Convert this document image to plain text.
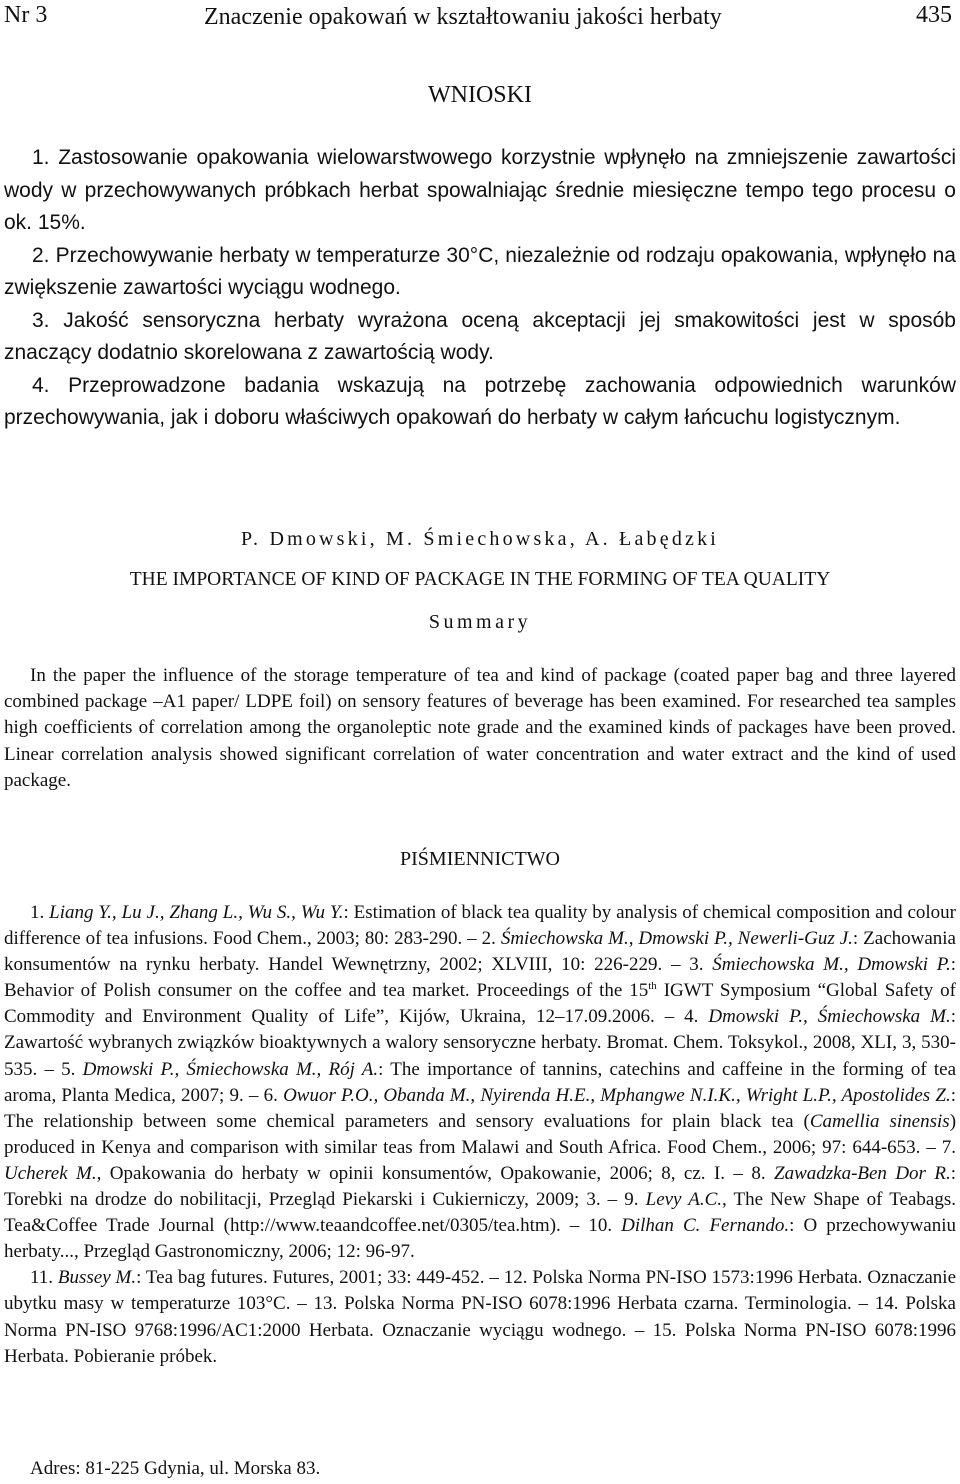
Nr 3	Znaczenie opakowań w kształtowaniu jakości herbaty	435
WNIOSKI

1. Zastosowanie opakowania wielowarstwowego korzystnie wpłynęło na zmniejszenie zawartości wody w przechowywanych próbkach herbat spowalniając średnie miesięczne tempo tego procesu o ok. 15%.

2. Przechowywanie herbaty w temperaturze 30°C, niezależnie od rodzaju opakowania, wpłynęło na zwiększenie zawartości wyciągu wodnego.

3. Jakość sensoryczna herbaty wyrażona oceną akceptacji jej smakowitości jest w sposób znaczący dodatnio skorelowana z zawartością wody.

4. Przeprowadzone badania wskazują na potrzebę zachowania odpowiednich warunków przechowywania, jak i doboru właściwych opakowań do herbaty w całym łańcuchu logistycznym.

P. Dmowski, M. Śmiechowska, A. Łabędzki
THE IMPORTANCE OF KIND OF PACKAGE IN THE FORMING OF TEA QUALITY
Summary

In the paper the influence of the storage temperature of tea and kind of package (coated paper bag and three layered combined package –A1 paper/ LDPE foil) on sensory features of beverage has been examined. For researched tea samples high coefficients of correlation among the organoleptic note grade and the examined kinds of packages have been proved. Linear correlation analysis showed significant correlation of water concentration and water extract and the kind of used package.

PIŚMIENNICTWO

1. Liang Y., Lu J., Zhang L., Wu S., Wu Y.: Estimation of black tea quality by analysis of chemical composition and colour difference of tea infusions. Food Chem., 2003; 80: 283-290. – 2. Śmiechowska M., Dmowski P., Newerli-Guz J.: Zachowania konsumentów na rynku herbaty. Handel Wewnętrzny, 2002; XLVIII, 10: 226-229. – 3. Śmiechowska M., Dmowski P.: Behavior of Polish consumer on the coffee and tea market. Proceedings of the 15th IGWT Symposium “Global Safety of Commodity and Environment Quality of Life”, Kijów, Ukraina, 12–17.09.2006. – 4. Dmowski P., Śmiechowska M.: Zawartość wybranych związków bioaktywnych a walory sensoryczne herbaty. Bromat. Chem. Toksykol., 2008, XLI, 3, 530-535. – 5. Dmowski P., Śmiechowska M., Rój A.: The importance of tannins, catechins and caffeine in the forming of tea aroma, Planta Medica, 2007; 9. – 6. Owuor P.O., Obanda M., Nyirenda H.E., Mphangwe N.I.K., Wright L.P., Apostolides Z.: The relationship between some chemical parameters and sensory evaluations for plain black tea (Camellia sinensis) produced in Kenya and comparison with similar teas from Malawi and South Africa. Food Chem., 2006; 97: 644-653. – 7. Ucherek M., Opakowania do herbaty w opinii konsumentów, Opakowanie, 2006; 8, cz. I. – 8. Zawadzka-Ben Dor R.: Torebki na drodze do nobilitacji, Przegląd Piekarski i Cukierniczy, 2009; 3. – 9. Levy A.C., The New Shape of Teabags. Tea&Coffee Trade Journal (http://www.teaandcoffee.net/0305/tea.htm). – 10. Dilhan C. Fernando.: O przechowywaniu herbaty..., Przegląd Gastronomiczny, 2006; 12: 96-97.

11. Bussey M.: Tea bag futures. Futures, 2001; 33: 449-452. – 12. Polska Norma PN-ISO 1573:1996 Herbata. Oznaczanie ubytku masy w temperaturze 103°C. – 13. Polska Norma PN-ISO 6078:1996 Herbata czarna. Terminologia. – 14. Polska Norma PN-ISO 9768:1996/AC1:2000 Herbata. Oznaczanie wyciągu wodnego. – 15. Polska Norma PN-ISO 6078:1996 Herbata. Pobieranie próbek.

Adres: 81-225 Gdynia, ul. Morska 83.
